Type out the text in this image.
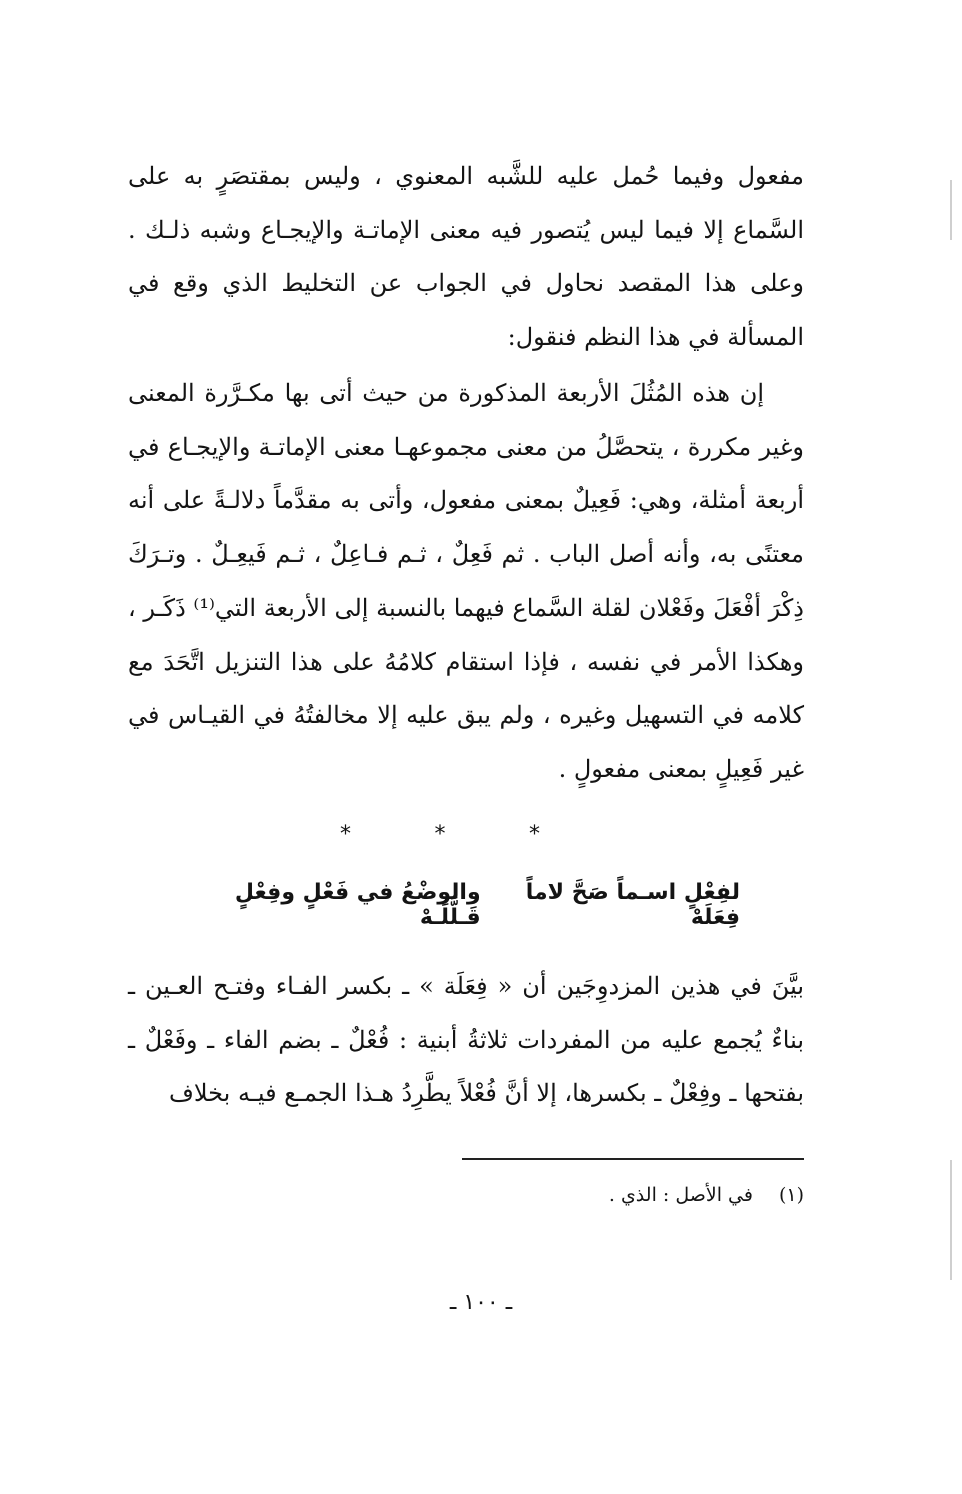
مفعول وفيما حُمل عليه للشَّبه المعنوي ، وليس بمقتصَرٍ به على السَّماع إلا فيما ليس يُتصور فيه معنى الإماتـة والإيجـاع وشبه ذلـك . وعلى هذا المقصد نحاول في الجواب عن التخليط الذي وقع في المسألة في هذا النظم فنقول:
إن هذه المُثُلَ الأربعة المذكورة من حيث أتى بها مكـرَّرة المعنى وغير مكررة ، يتحصَّلُ من معنى مجموعهـا معنى الإماتـة والإيجـاع في أربعة أمثلة، وهي: فَعِيلٌ بمعنى مفعول، وأتى به مقدَّماً دلالـةً على أنه معتنًى به، وأنه أصل الباب . ثم فَعِلٌ ، ثـم فـاعِلٌ ، ثـم فَيعِـلٌ . وتـرَكَ ذِكْرَ أفْعَلَ وفَعْلان لقلة السَّماع فيهما بالنسبة إلى الأربعة التي⁽¹⁾ ذَكَـر ، وهكذا الأمر في نفسه ، فإذا استقام كلامُهُ على هذا التنزيل اتَّحَدَ مع كلامه في التسهيل وغيره ، ولم يبق عليه إلا مخالفتُهُ في القيـاس في غير فَعِيلٍ بمعنى مفعولٍ .
*	*	*
لفِعْلٍ اسـماً صَحَّ لاماً فِعَلَهْ
والوضْعُ في فَعْلٍ وفِعْلٍ قَـلَّلَـهْ
بيَّنَ في هذين المزدوِجَين أن « فِعَلَة » ـ بكسر الفـاء وفتـح العـين ـ بناءٌ يُجمع عليه من المفردات ثلاثةُ أبنية : فُعْلٌ ـ بضم الفاء ـ وفَعْلٌ ـ بفتحها ـ وفِعْلٌ ـ بكسرها، إلا أنَّ فُعْلاً يطَّرِدُ هـذا الجمـع فيـه بخلاف
(١)
في الأصل : الذي .
ـ ١٠٠ ـ
